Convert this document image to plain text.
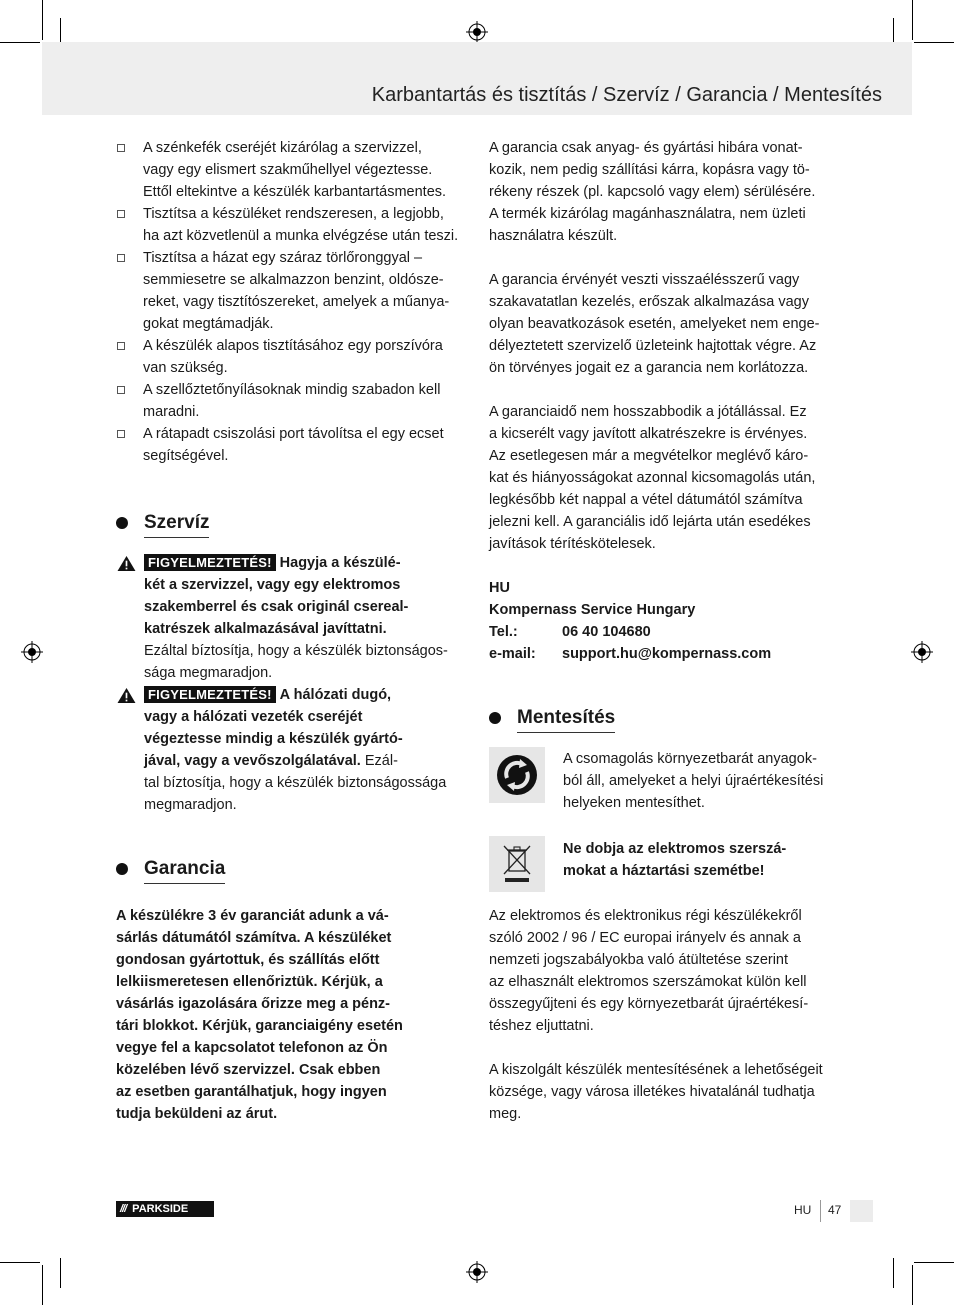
Karbantartás és tisztítás / Szervíz / Garancia / Mentesítés
A szénkefék cseréjét kizárólag a szervizzel,
vagy egy elismert szakműhellyel végeztesse.
Ettől eltekintve a készülék karbantartásmentes.
Tisztítsa a készüléket rendszeresen, a legjobb,
ha azt közvetlenül a munka elvégzése után teszi.
Tisztítsa a házat egy száraz törlőronggyal –
semmiesetre se alkalmazzon benzint, oldósze-
reket, vagy tisztítószereket, amelyek a műanya-
gokat megtámadják.
A készülék alapos tisztításához egy porszívóra
van szükség.
A szellőztetőnyílásoknak mindig szabadon kell
maradni.
A rátapadt csiszolási port távolítsa el egy ecset
segítségével.
Szervíz
FIGYELMEZTETÉS! Hagyja a készülé-
két a szervizzel, vagy egy elektromos
szakemberrel és csak originál csereal-
katrészek alkalmazásával javíttatni.
Ezáltal bíztosítja, hogy a készülék biztonságos-
sága megmaradjon.
FIGYELMEZTETÉS! A hálózati dugó,
vagy a hálózati vezeték cseréjét
végeztesse mindig a készülék gyártó-
jával, vagy a vevőszolgálatával. Ezál-
tal bíztosítja, hogy a készülék biztonságossága
megmaradjon.
Garancia

A készülékre 3 év garanciát adunk a vá-
sárlás dátumától számítva. A készüléket
gondosan gyártottuk, és szállítás előtt
lelkiismeretesen ellenőriztük. Kérjük, a
vásárlás igazolására őrizze meg a pénz-
tári blokkot. Kérjük, garanciaigény esetén
vegye fel a kapcsolatot telefonon az Ön
közelében lévő szervizzel. Csak ebben
az esetben garantálhatjuk, hogy ingyen
tudja beküldeni az árut.

A garancia csak anyag- és gyártási hibára vonat-
kozik, nem pedig szállítási kárra, kopásra vagy tö-
rékeny részek (pl. kapcsoló vagy elem) sérülésére.
A termék kizárólag magánhasználatra, nem üzleti
használatra készült.

A garancia érvényét veszti visszaélésszerű vagy
szakavatatlan kezelés, erőszak alkalmazása vagy
olyan beavatkozások esetén, amelyeket nem enge-
délyeztetett szervizelő üzleteink hajtottak végre. Az
ön törvényes jogait ez a garancia nem korlátozza.

A garanciaidő nem hosszabbodik a jótállással. Ez
a kicserélt vagy javított alkatrészekre is érvényes.
Az esetlegesen már a megvételkor meglévő káro-
kat és hiányosságokat azonnal kicsomagolás után,
legkésőbb két nappal a vétel dátumától számítva
jelezni kell. A garanciális idő lejárta után esedékes
javítások térítéskötelesek.

HU
Kompernass Service Hungary
Tel.:	06 40 104680
e-mail:	support.hu@kompernass.com
Mentesítés

A csomagolás környezetbarát anyagok-
ból áll, amelyeket a helyi újraértékesítési
helyeken mentesíthet.

Ne dobja az elektromos szerszá-
mokat a háztartási szemétbe!

Az elektromos és elektronikus régi készülékekről
szóló 2002 / 96 / EC europai irányelv és annak a
nemzeti jogszabályokba való átültetése szerint
az elhasznált elektromos szerszámokat külön kell
összegyűjteni és egy környezetbarát újraértékesí-
téshez eljuttatni.

A kiszolgált készülék mentesítésének a lehetőségeit
községe, vagy városa illetékes hivatalánál tudhatja
meg.

/// PARKSIDE	HU 47
